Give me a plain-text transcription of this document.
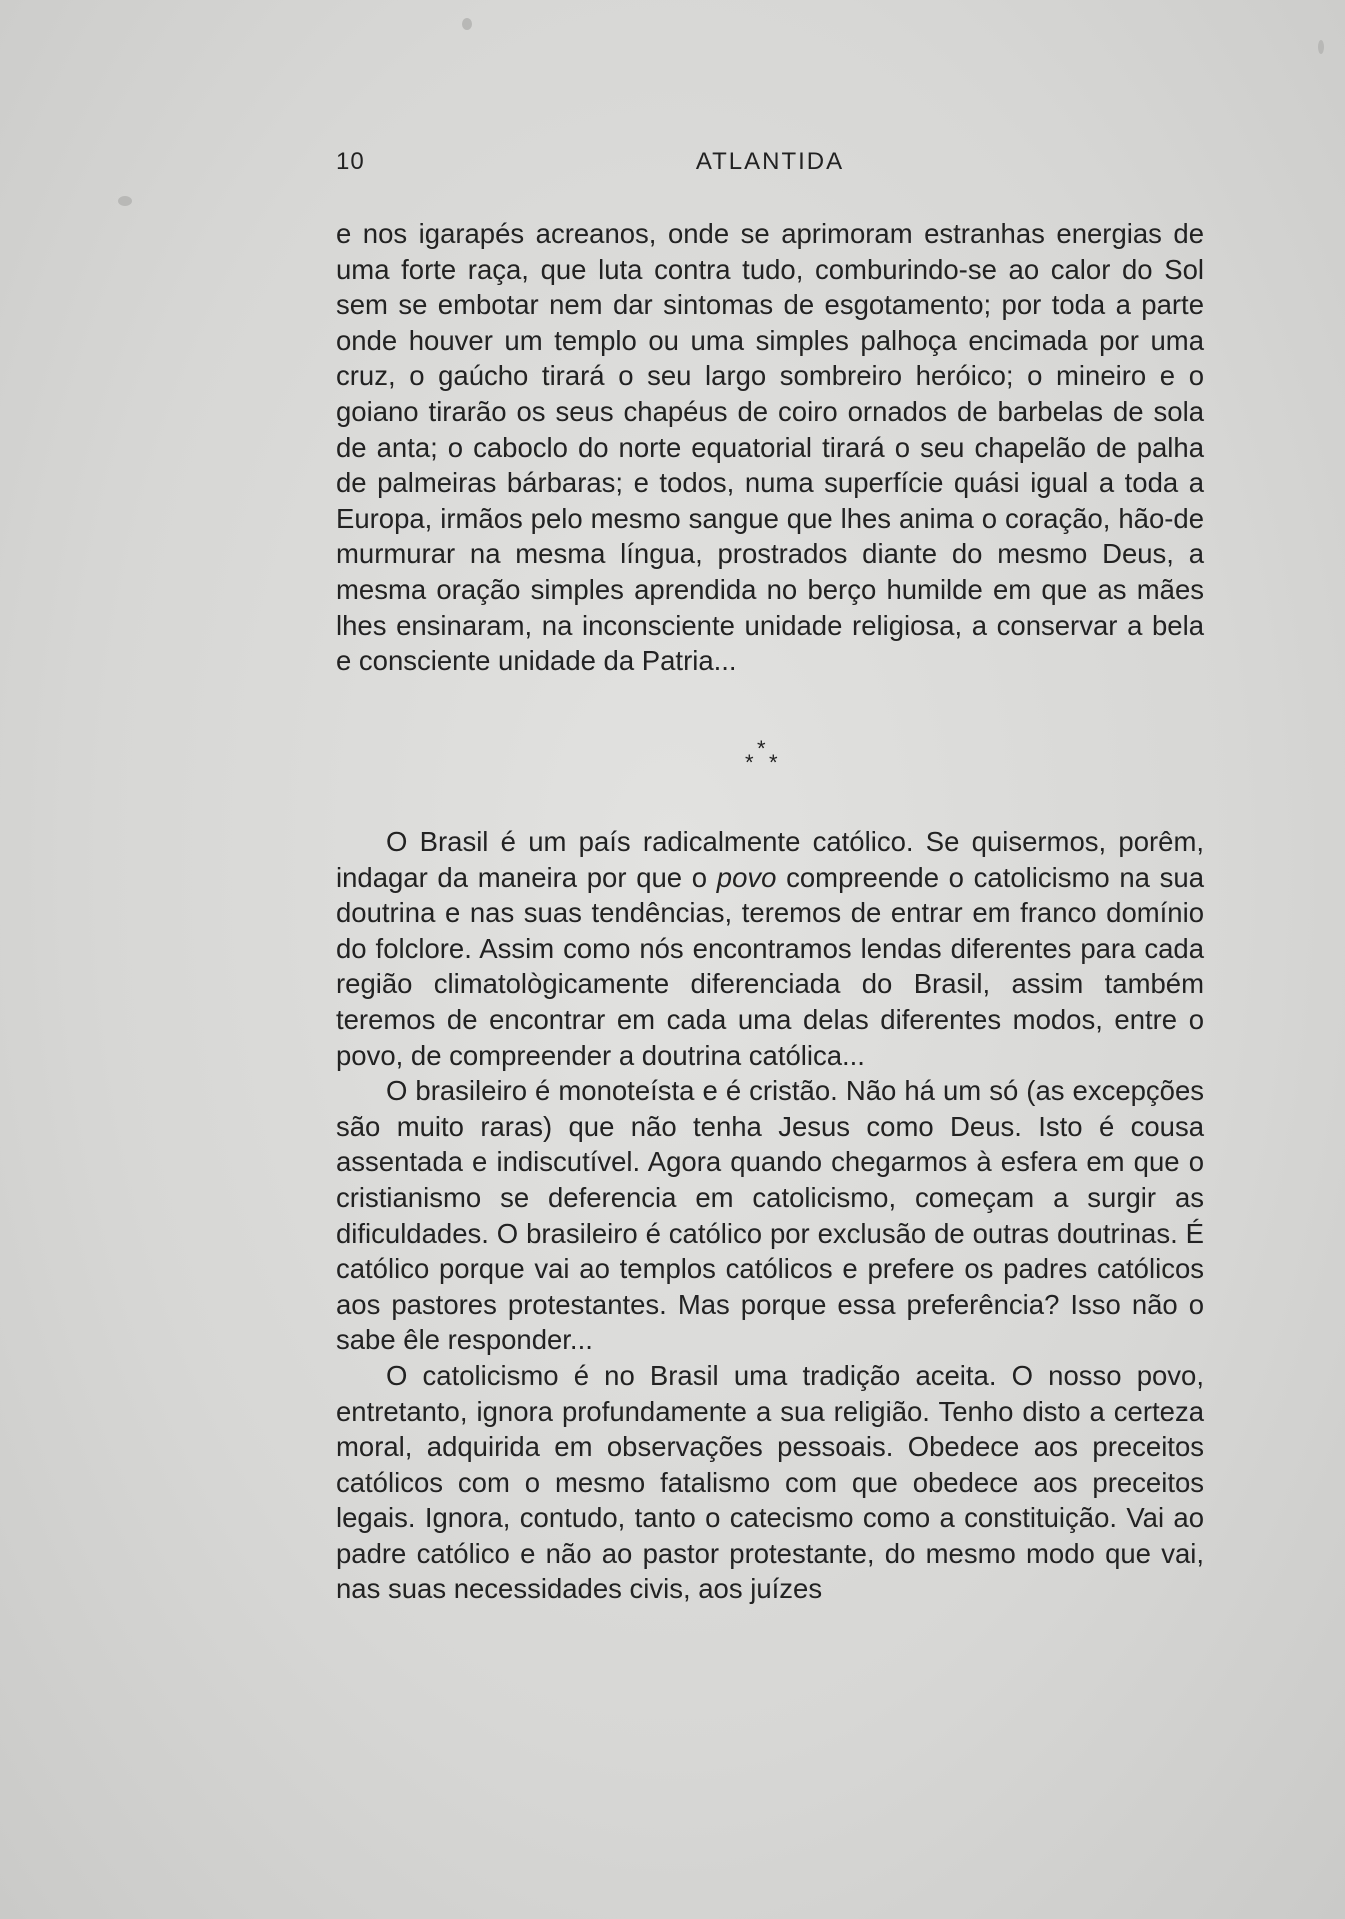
10	ATLANTIDA

e nos igarapés acreanos, onde se aprimoram estranhas energias de uma forte raça, que luta contra tudo, comburindo-se ao calor do Sol sem se embotar nem dar sintomas de esgotamento; por toda a parte onde houver um templo ou uma simples palhoça encimada por uma cruz, o gaúcho tirará o seu largo sombreiro heróico; o mineiro e o goiano tirarão os seus chapéus de coiro ornados de barbelas de sola de anta; o caboclo do norte equatorial tirará o seu chapelão de palha de palmeiras bárbaras; e todos, numa superfície quási igual a toda a Europa, irmãos pelo mesmo sangue que lhes anima o coração, hão-de murmurar na mesma língua, prostrados diante do mesmo Deus, a mesma oração simples aprendida no berço humilde em que as mães lhes ensinaram, na inconsciente unidade religiosa, a conservar a bela e consciente unidade da Patria...

*
* *

O Brasil é um país radicalmente católico. Se quisermos, porêm, indagar da maneira por que o povo compreende o catolicismo na sua doutrina e nas suas tendências, teremos de entrar em franco domínio do folclore. Assim como nós encontramos lendas diferentes para cada região climatològicamente diferenciada do Brasil, assim também teremos de encontrar em cada uma delas diferentes modos, entre o povo, de compreender a doutrina católica...

O brasileiro é monoteísta e é cristão. Não há um só (as excepções são muito raras) que não tenha Jesus como Deus. Isto é cousa assentada e indiscutível. Agora quando chegarmos à esfera em que o cristianismo se deferencia em catolicismo, começam a surgir as dificuldades. O brasileiro é católico por exclusão de outras doutrinas. É católico porque vai ao templos católicos e prefere os padres católicos aos pastores protestantes. Mas porque essa preferência? Isso não o sabe êle responder...

O catolicismo é no Brasil uma tradição aceita. O nosso povo, entretanto, ignora profundamente a sua religião. Tenho disto a certeza moral, adquirida em observações pessoais. Obedece aos preceitos católicos com o mesmo fatalismo com que obedece aos preceitos legais. Ignora, contudo, tanto o catecismo como a constituição. Vai ao padre católico e não ao pastor protestante, do mesmo modo que vai, nas suas necessidades civis, aos juízes
